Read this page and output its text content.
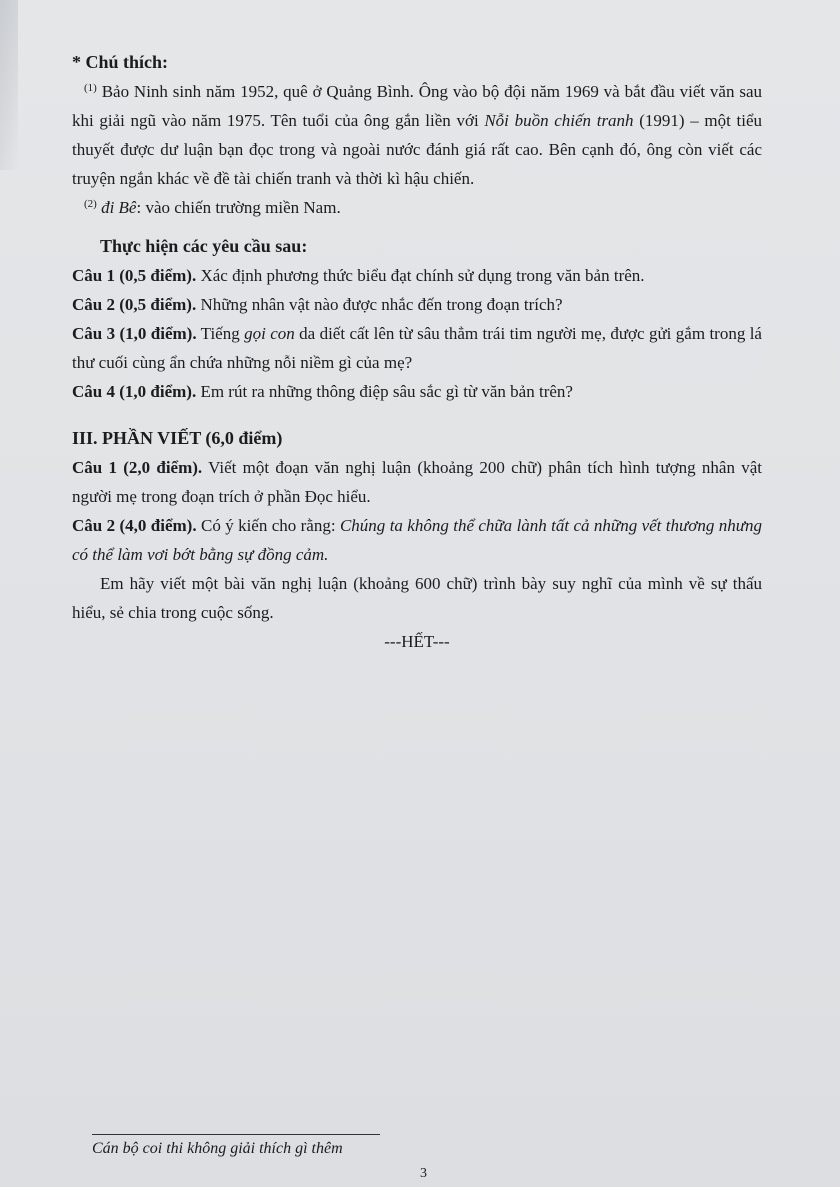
* Chú thích:

$^{(1)}$ Bảo Ninh sinh năm 1952, quê ở Quảng Bình. Ông vào bộ đội năm 1969 và bắt đầu viết văn sau khi giải ngũ vào năm 1975. Tên tuổi của ông gắn liền với Nỗi buồn chiến tranh (1991) – một tiểu thuyết được dư luận bạn đọc trong và ngoài nước đánh giá rất cao. Bên cạnh đó, ông còn viết các truyện ngắn khác về đề tài chiến tranh và thời kì hậu chiến.

$^{(2)}$ đi Bê: vào chiến trường miền Nam.

Thực hiện các yêu cầu sau:

Câu 1 (0,5 điểm). Xác định phương thức biểu đạt chính sử dụng trong văn bản trên.

Câu 2 (0,5 điểm). Những nhân vật nào được nhắc đến trong đoạn trích?

Câu 3 (1,0 điểm). Tiếng gọi con da diết cất lên từ sâu thẳm trái tim người mẹ, được gửi gắm trong lá thư cuối cùng ẩn chứa những nỗi niềm gì của mẹ?

Câu 4 (1,0 điểm). Em rút ra những thông điệp sâu sắc gì từ văn bản trên?

III. PHẦN VIẾT (6,0 điểm)

Câu 1 (2,0 điểm). Viết một đoạn văn nghị luận (khoảng 200 chữ) phân tích hình tượng nhân vật người mẹ trong đoạn trích ở phần Đọc hiểu.

Câu 2 (4,0 điểm). Có ý kiến cho rằng: Chúng ta không thể chữa lành tất cả những vết thương nhưng có thể làm vơi bớt bằng sự đồng cảm.

Em hãy viết một bài văn nghị luận (khoảng 600 chữ) trình bày suy nghĩ của mình về sự thấu hiểu, sẻ chia trong cuộc sống.

---HẾT---
Cán bộ coi thi không giải thích gì thêm
3
